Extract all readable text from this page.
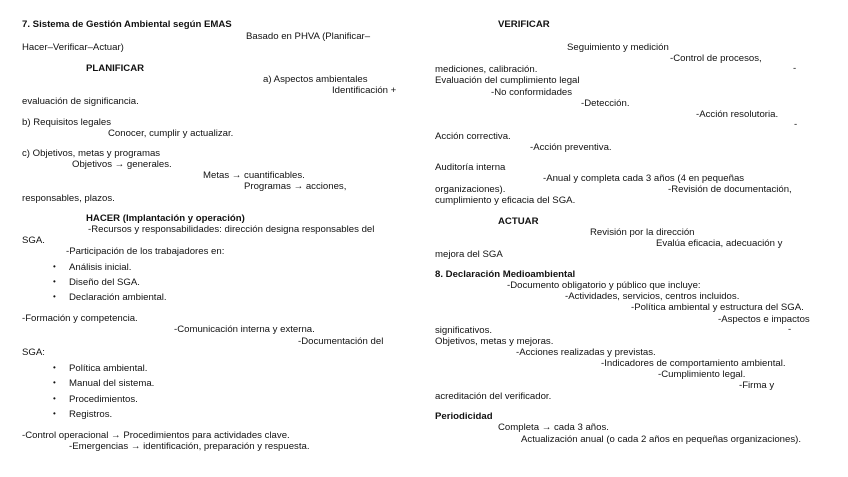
7. Sistema de Gestión Ambiental según EMAS
Basado en PHVA (Planificar–
Hacer–Verificar–Actuar)
PLANIFICAR
a) Aspectos ambientales
Identificación +
evaluación de significancia.
b) Requisitos legales
Conocer, cumplir y actualizar.
c) Objetivos, metas y programas
Objetivos → generales.
Metas → cuantificables.
Programas → acciones,
responsables, plazos.
HACER (Implantación y operación)
-Recursos y responsabilidades: dirección designa responsables del
SGA.
-Participación de los trabajadores en:
• Análisis inicial.
• Diseño del SGA.
• Declaración ambiental.
-Formación y competencia.
-Comunicación interna y externa.
-Documentación del
SGA:
• Política ambiental.
• Manual del sistema.
• Procedimientos.
• Registros.
-Control operacional → Procedimientos para actividades clave.
-Emergencias → identificación, preparación y respuesta.
VERIFICAR
Seguimiento y medición
-Control de procesos,
-
mediciones, calibración.
Evaluación del cumplimiento legal
-No conformidades
-Detección.
-Acción resolutoria.
-
Acción correctiva.
-Acción preventiva.
Auditoría interna
-Anual y completa cada 3 años (4 en pequeñas
organizaciones).	-Revisión de documentación,
cumplimiento y eficacia del SGA.
ACTUAR
Revisión por la dirección
Evalúa eficacia, adecuación y
mejora del SGA
8. Declaración Medioambiental
-Documento obligatorio y público que incluye:
-Actividades, servicios, centros incluidos.
-Política ambiental y estructura del SGA.
-Aspectos e impactos
significativos.	-
Objetivos, metas y mejoras.
-Acciones realizadas y previstas.
-Indicadores de comportamiento ambiental.
-Cumplimiento legal.
-Firma y
acreditación del verificador.
Periodicidad
Completa → cada 3 años.
Actualización anual (o cada 2 años en pequeñas organizaciones).
